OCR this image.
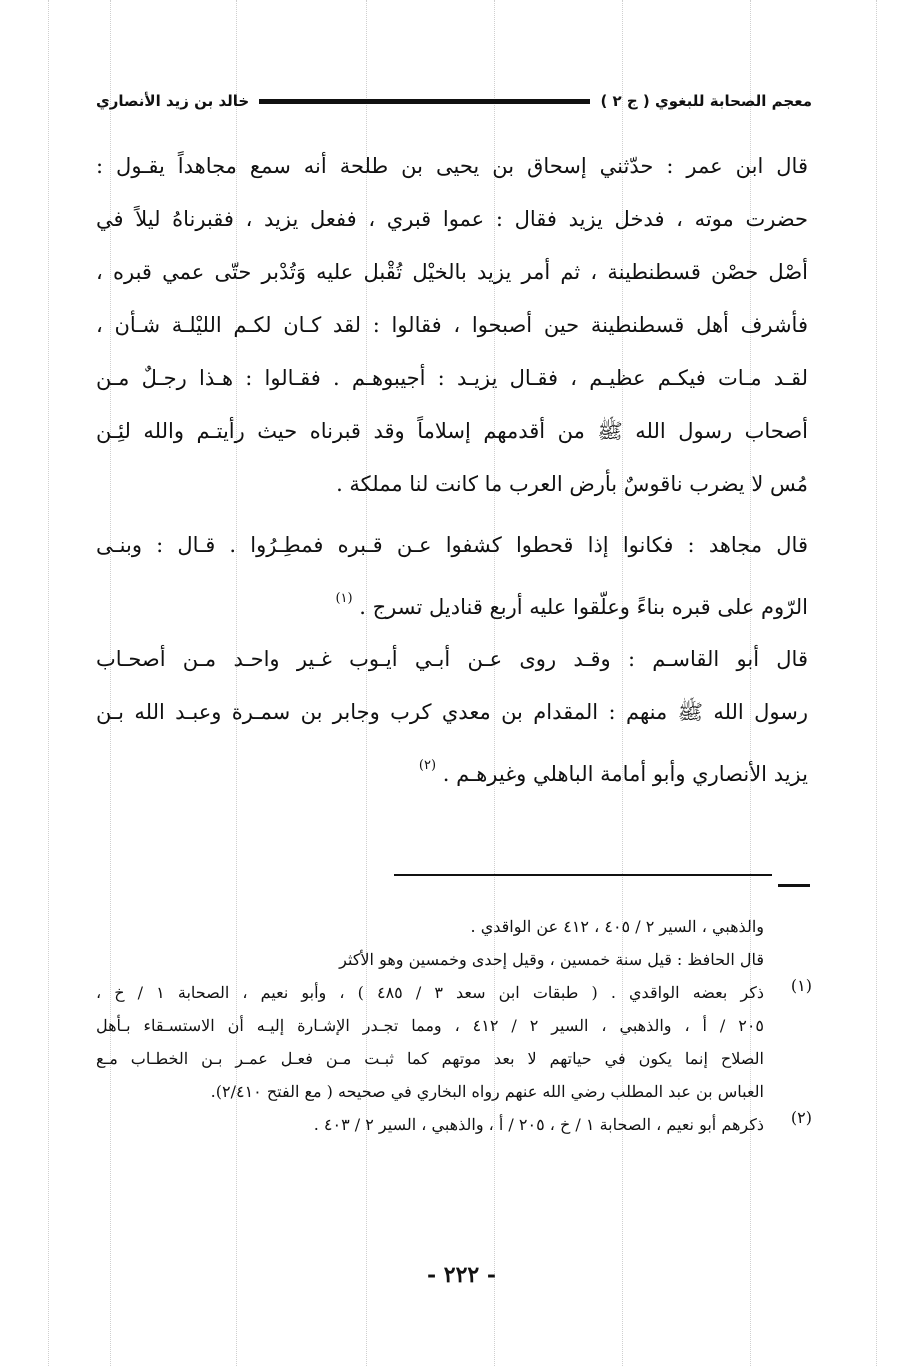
معجم الصحابة للبغوي ( ج ٢ )
خالد بن زيد الأنصاري
قال ابن عمر : حدّثني إسحاق بن يحيى بن طلحة أنه سمع مجاهداً يقـول :
حضرت موته ، فدخل يزيد فقال : عموا قبري ، ففعل يزيد ، فقبرناهُ ليلاً في
أصْل حصْن قسطنطينة ، ثم أمر يزيد بالخيْل تُقْبل عليه وَتُدْبر حتّى عمي قبره ،
فأشرف أهل قسطنطينة حين أصبحوا ، فقالوا : لقد كـان لكـم الليْلـة شـأن ،
لقـد مـات فيكـم عظيـم ، فقـال يزيـد : أجيبوهـم . فقـالوا : هـذا رجـلٌ مـن
أصحاب رسول الله ﷺ من أقدمهم إسلاماً وقد قبرناه حيث رأيتـم والله لئِـن
مُس لا يضرب ناقوسٌ بأرض العرب ما كانت لنا مملكة .
قال مجاهد : فكانوا إذا قحطوا كشفوا عـن قـبره فمطِـرُوا . قـال : وبنـى
الرّوم على قبره بناءً وعلّقوا عليه أربع قناديل تسرج . $^{(١)}$
قال أبو القاسـم : وقـد روى عـن أبـي أيـوب غـير واحـد مـن أصحـاب
رسول الله ﷺ منهم : المقدام بن معدي كرب وجابر بن سمـرة وعبـد الله بـن
يزيد الأنصاري وأبو أمامة الباهلي وغيرهـم . $^{(٢)}$
والذهبي ، السير ٢ / ٤٠٥ ، ٤١٢ عن الواقدي .
قال الحافظ : قيل سنة خمسين ، وقيل إحدى وخمسين وهو الأكثر
(١)
ذكر بعضه الواقدي . ( طبقات ابن سعد ٣ / ٤٨٥ ) ، وأبو نعيم ، الصحابة ١ / خ ،
٢٠٥ / أ ، والذهبي ، السير ٢ / ٤١٢ ، ومما تجـدر الإشـارة إليـه أن الاستسـقاء بـأهل
الصلاح إنما يكون في حياتهم لا بعد موتهم كما ثبـت مـن فعـل عمـر بـن الخطـاب مـع
العباس بن عبد المطلب رضي الله عنهم رواه البخاري في صحيحه ( مع الفتح ٢/٤١٠).
(٢)
ذكرهم أبو نعيم ، الصحابة ١ / خ ، ٢٠٥ / أ ، والذهبي ، السير ٢ / ٤٠٣ .
- ٢٢٢ -
